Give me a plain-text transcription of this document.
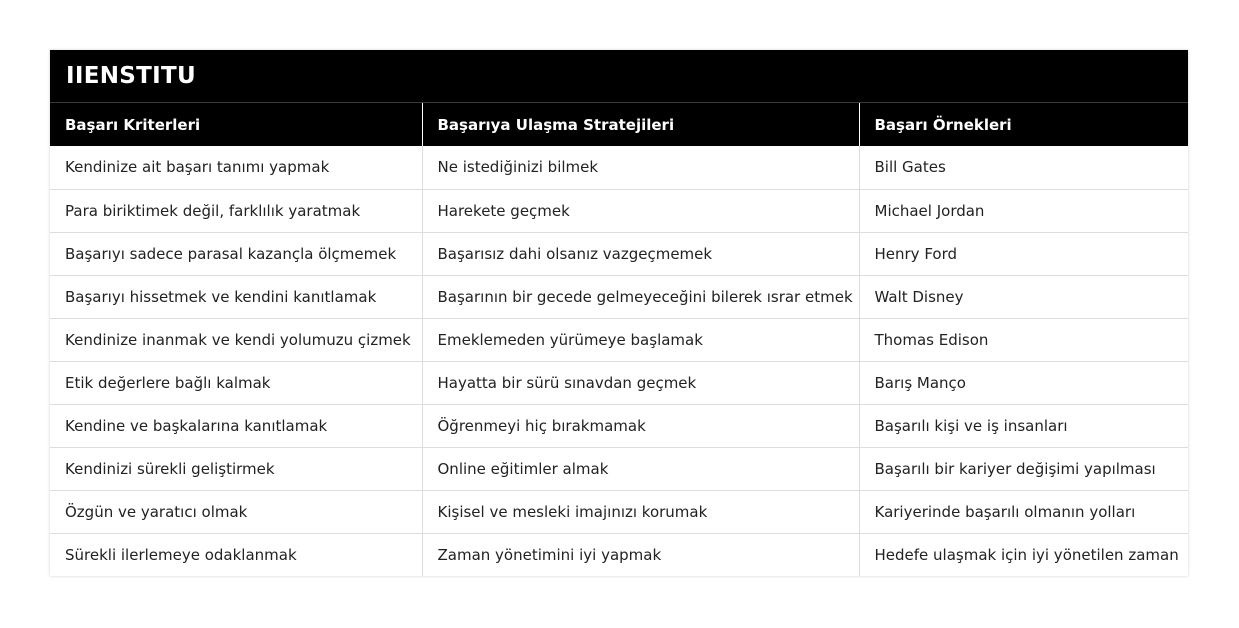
IIENSTITU
Başarı Kriterleri	Başarıya Ulaşma Stratejileri	Başarı Örnekleri
Kendinize ait başarı tanımı yapmak	Ne istediğinizi bilmek	Bill Gates
Para biriktimek değil, farklılık yaratmak	Harekete geçmek	Michael Jordan
Başarıyı sadece parasal kazançla ölçmemek	Başarısız dahi olsanız vazgeçmemek	Henry Ford
Başarıyı hissetmek ve kendini kanıtlamak	Başarının bir gecede gelmeyeceğini bilerek ısrar etmek	Walt Disney
Kendinize inanmak ve kendi yolumuzu çizmek	Emeklemeden yürümeye başlamak	Thomas Edison
Etik değerlere bağlı kalmak	Hayatta bir sürü sınavdan geçmek	Barış Manço
Kendine ve başkalarına kanıtlamak	Öğrenmeyi hiç bırakmamak	Başarılı kişi ve iş insanları
Kendinizi sürekli geliştirmek	Online eğitimler almak	Başarılı bir kariyer değişimi yapılması
Özgün ve yaratıcı olmak	Kişisel ve mesleki imajınızı korumak	Kariyerinde başarılı olmanın yolları
Sürekli ilerlemeye odaklanmak	Zaman yönetimini iyi yapmak	Hedefe ulaşmak için iyi yönetilen zaman
